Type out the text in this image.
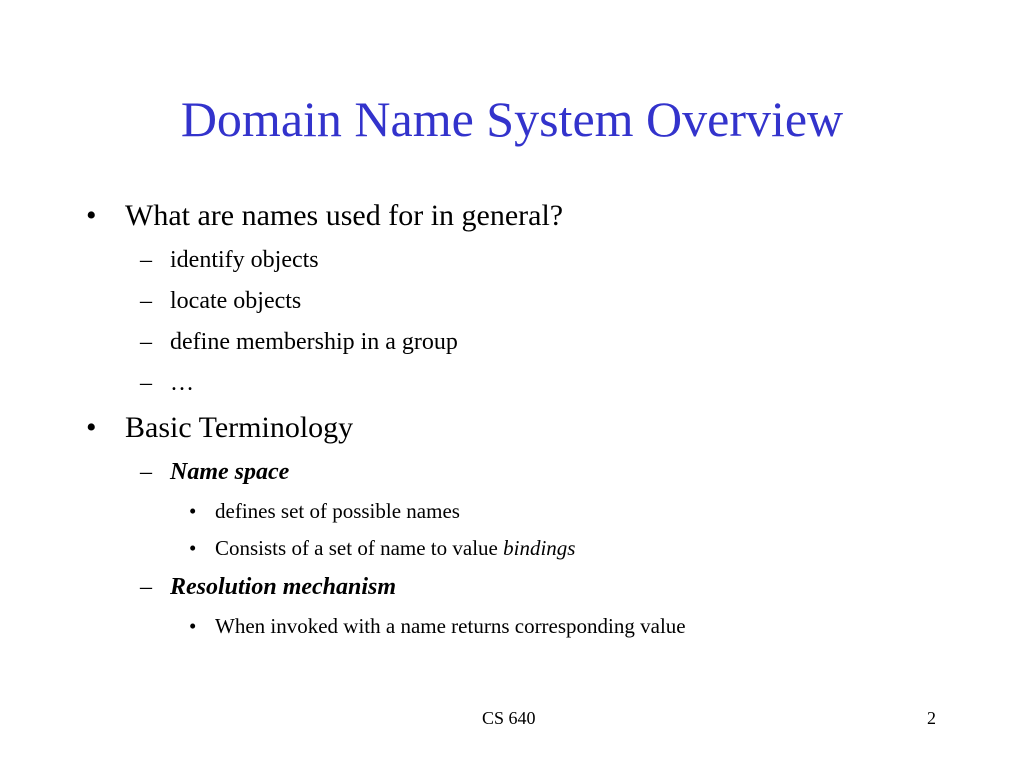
Domain Name System Overview
• What are names used for in general?
– identify objects
– locate objects
– define membership in a group
– …
• Basic Terminology
– Name space
• defines set of possible names
• Consists of a set of name to value bindings
– Resolution mechanism
• When invoked with a name returns corresponding value
CS 640	2
